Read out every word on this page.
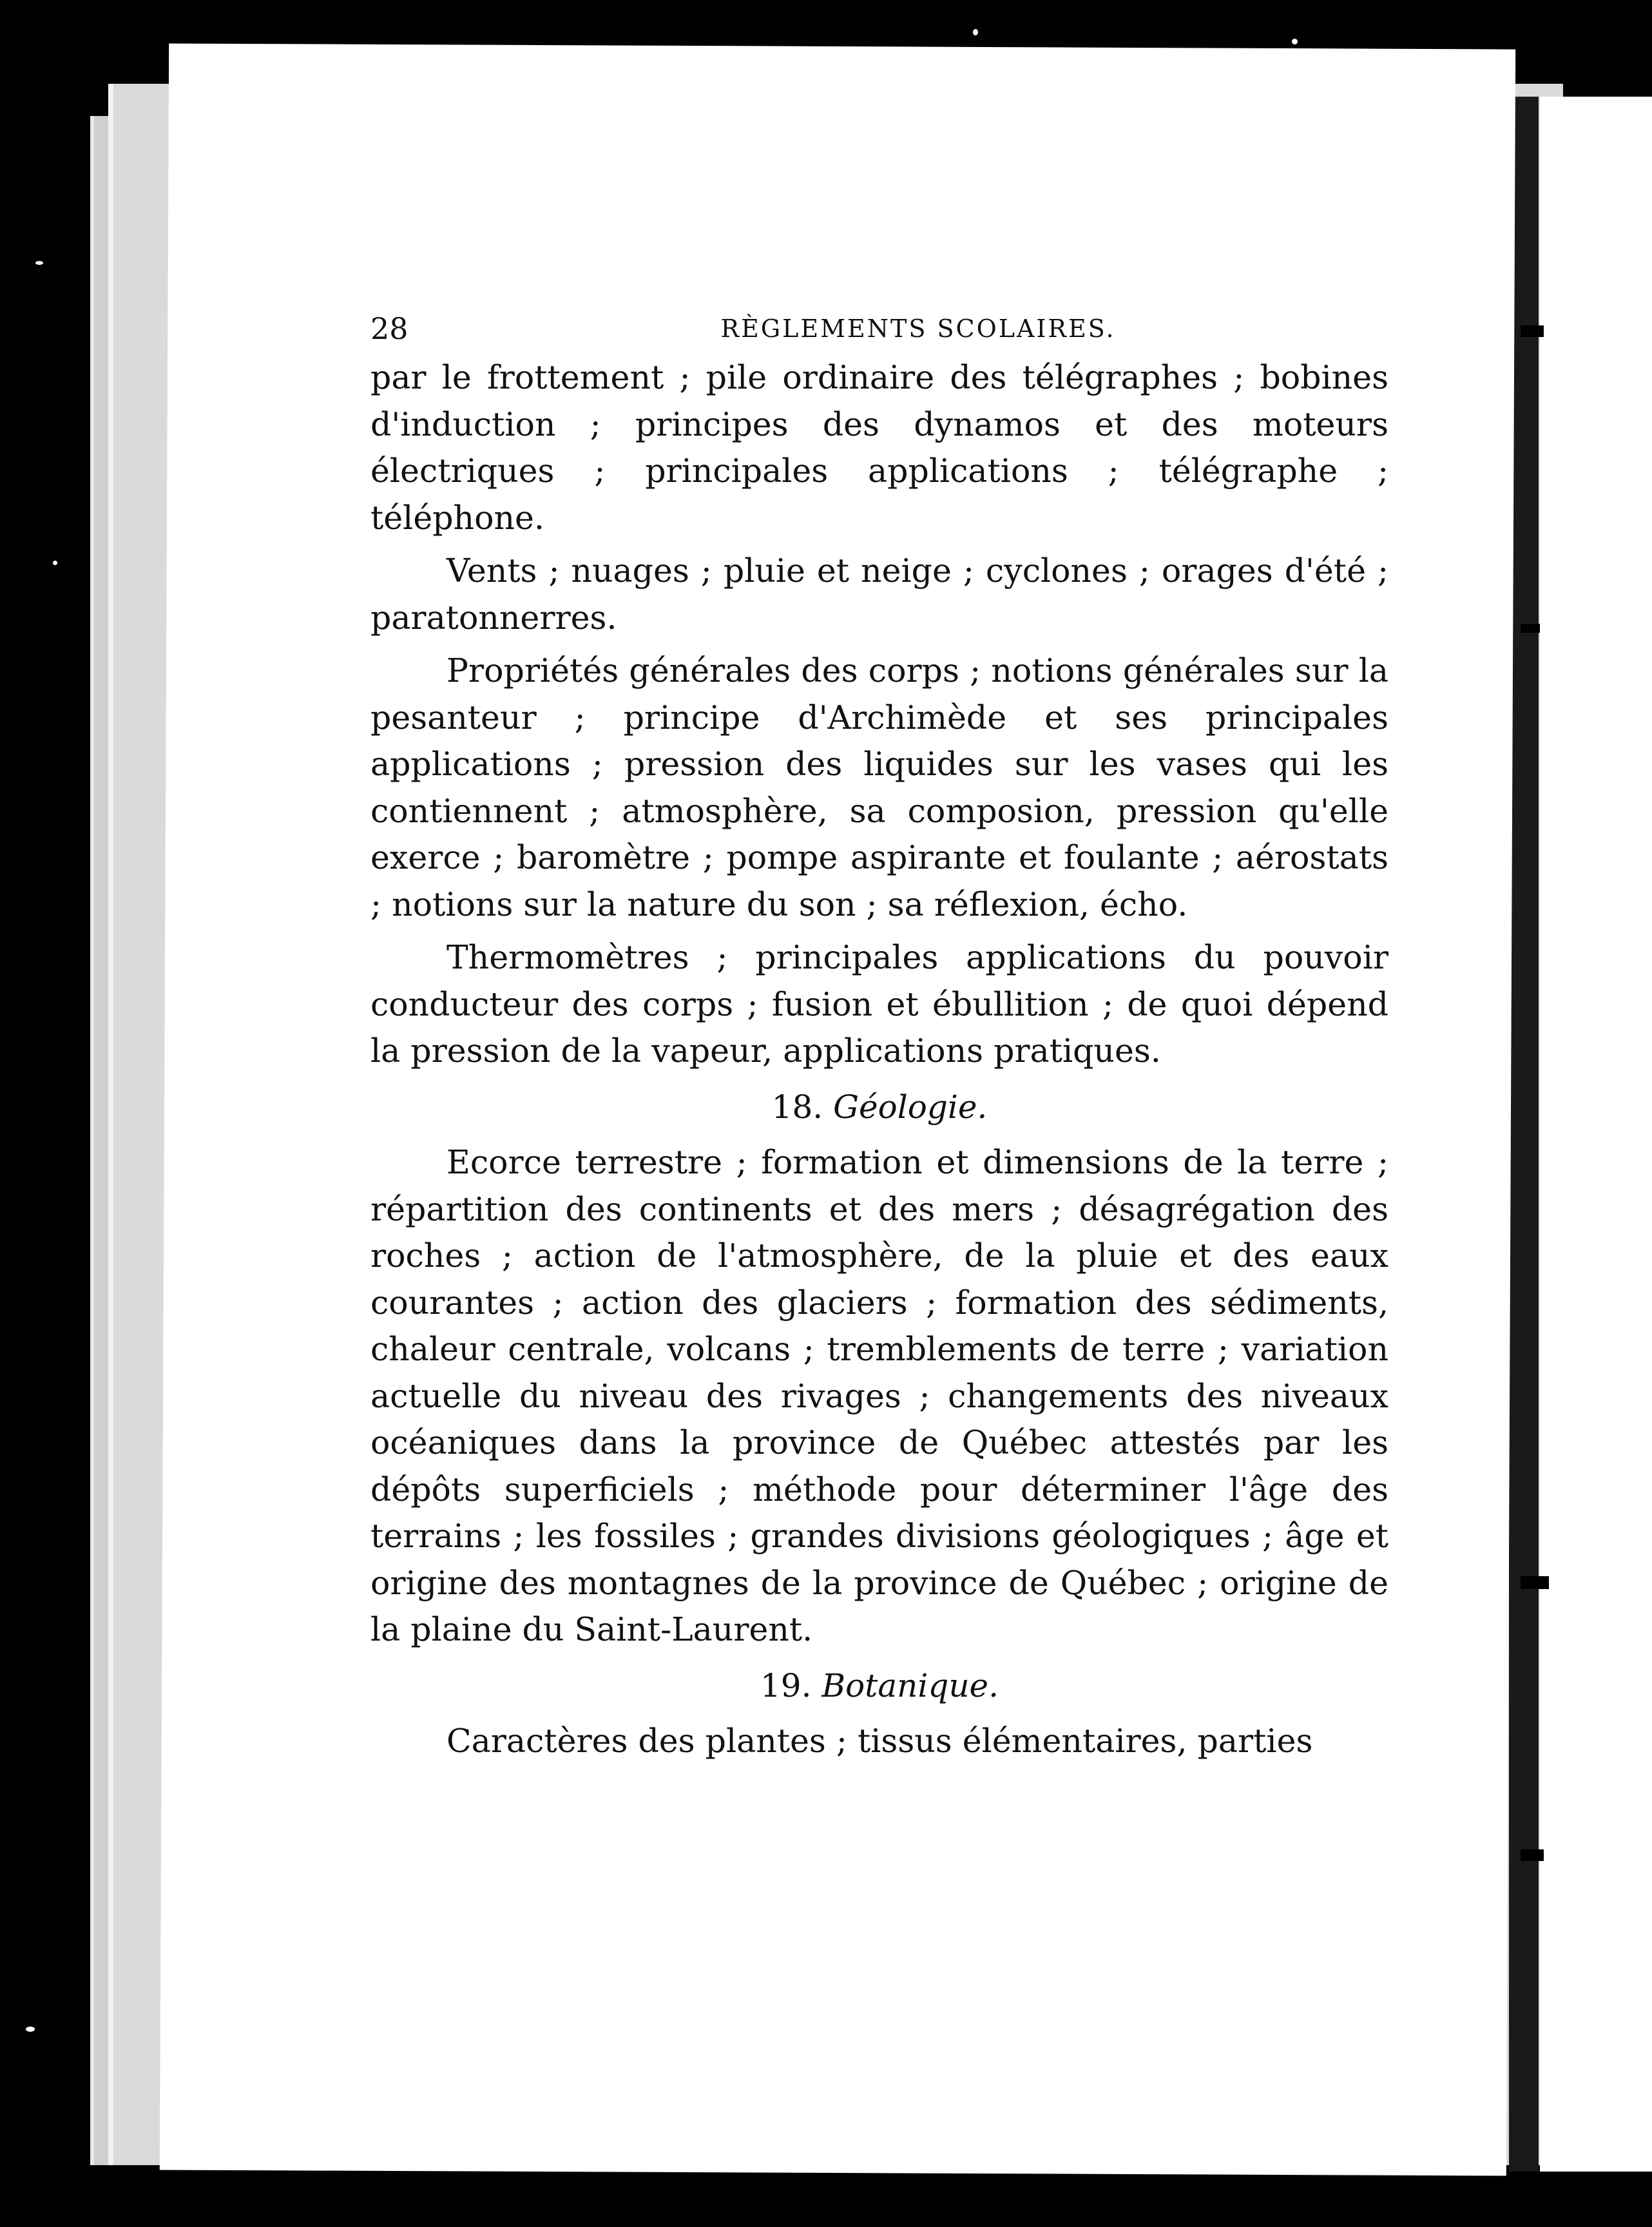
28	RÈGLEMENTS SCOLAIRES.

par le frottement ; pile ordinaire des télégraphes ; bobines d'induction ; principes des dynamos et des moteurs électriques ; principales applications ; télégraphe ; téléphone.

Vents ; nuages ; pluie et neige ; cyclones ; orages d'été ; paratonnerres.

Propriétés générales des corps ; notions générales sur la pesanteur ; principe d'Archimède et ses principales applications ; pression des liquides sur les vases qui les contiennent ; atmosphère, sa composion, pression qu'elle exerce ; baromètre ; pompe aspirante et foulante ; aérostats ; notions sur la nature du son ; sa réflexion, écho.

Thermomètres ; principales applications du pouvoir conducteur des corps ; fusion et ébullition ; de quoi dépend la pression de la vapeur, applications pratiques.

18. Géologie.

Ecorce terrestre ; formation et dimensions de la terre ; répartition des continents et des mers ; désagrégation des roches ; action de l'atmosphère, de la pluie et des eaux courantes ; action des glaciers ; formation des sédiments, chaleur centrale, volcans ; tremblements de terre ; variation actuelle du niveau des rivages ; changements des niveaux océaniques dans la province de Québec attestés par les dépôts superficiels ; méthode pour déterminer l'âge des terrains ; les fossiles ; grandes divisions géologiques ; âge et origine des montagnes de la province de Québec ; origine de la plaine du Saint-Laurent.

19. Botanique.

Caractères des plantes ; tissus élémentaires, parties
